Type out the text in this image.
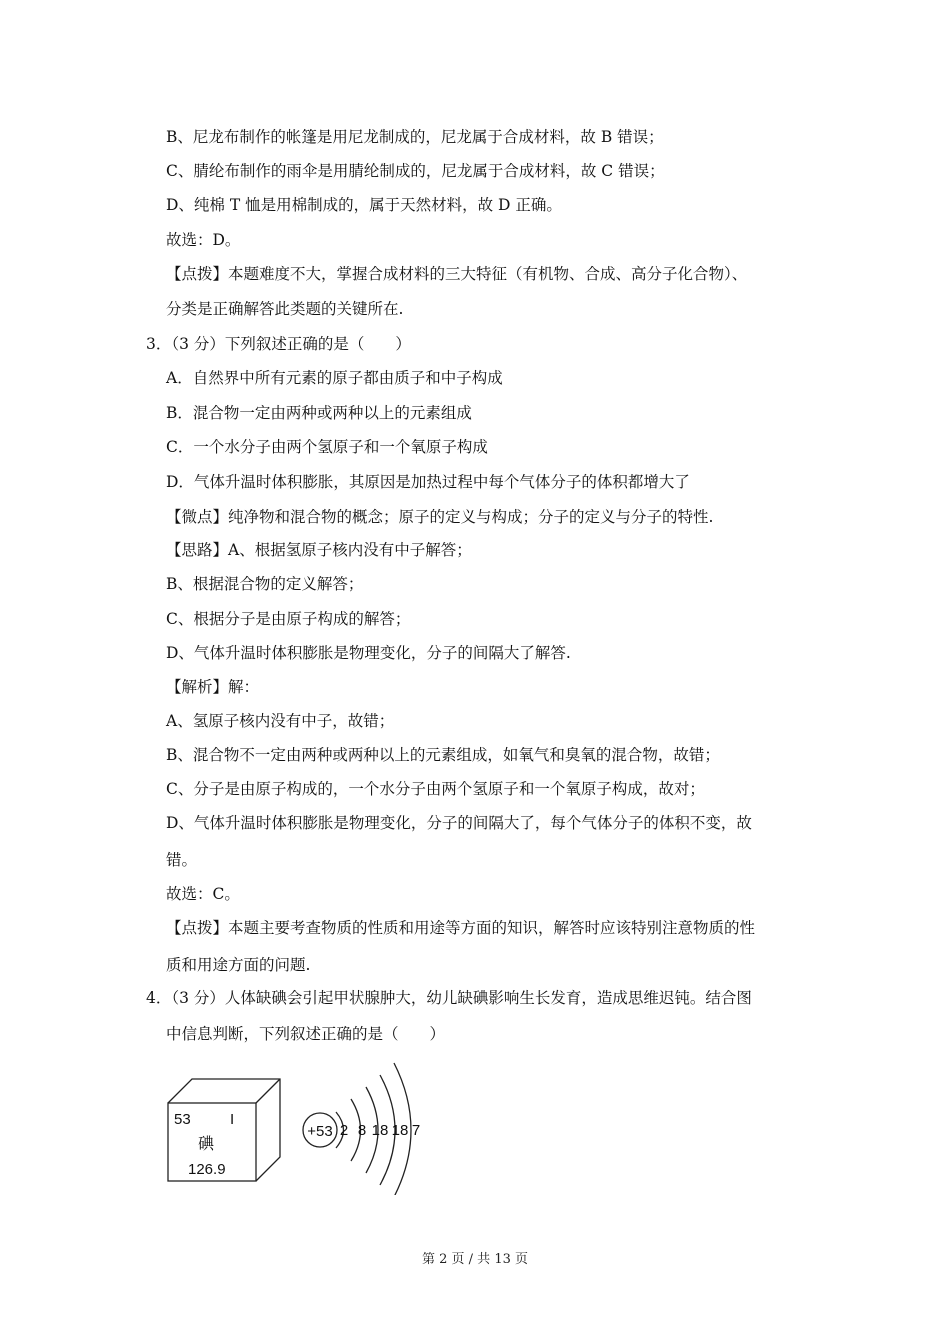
B、尼龙布制作的帐篷是用尼龙制成的，尼龙属于合成材料，故 B 错误；
C、腈纶布制作的雨伞是用腈纶制成的，尼龙属于合成材料，故 C 错误；
D、纯棉 T 恤是用棉制成的，属于天然材料，故 D 正确。
故选：D。
【点拨】本题难度不大，掌握合成材料的三大特征（有机物、合成、高分子化合物）、
分类是正确解答此类题的关键所在.
3．（3 分）下列叙述正确的是（　　）
A．自然界中所有元素的原子都由质子和中子构成
B．混合物一定由两种或两种以上的元素组成
C．一个水分子由两个氢原子和一个氧原子构成
D．气体升温时体积膨胀，其原因是加热过程中每个气体分子的体积都增大了
【微点】纯净物和混合物的概念；原子的定义与构成；分子的定义与分子的特性.
【思路】A、根据氢原子核内没有中子解答；
B、根据混合物的定义解答；
C、根据分子是由原子构成的解答；
D、气体升温时体积膨胀是物理变化，分子的间隔大了解答.
【解析】解：
A、氢原子核内没有中子，故错；
B、混合物不一定由两种或两种以上的元素组成，如氧气和臭氧的混合物，故错；
C、分子是由原子构成的，一个水分子由两个氢原子和一个氧原子构成，故对；
D、气体升温时体积膨胀是物理变化，分子的间隔大了，每个气体分子的体积不变，故
错。
故选：C。
【点拨】本题主要考查物质的性质和用途等方面的知识，解答时应该特别注意物质的性
质和用途方面的问题.
4．（3 分）人体缺碘会引起甲状腺肿大，幼儿缺碘影响生长发育，造成思维迟钝。结合图
中信息判断，下列叙述正确的是（　　）
53	I
碘
126.9
+53 2 8 18 18 7
第 2 页 / 共 13 页
